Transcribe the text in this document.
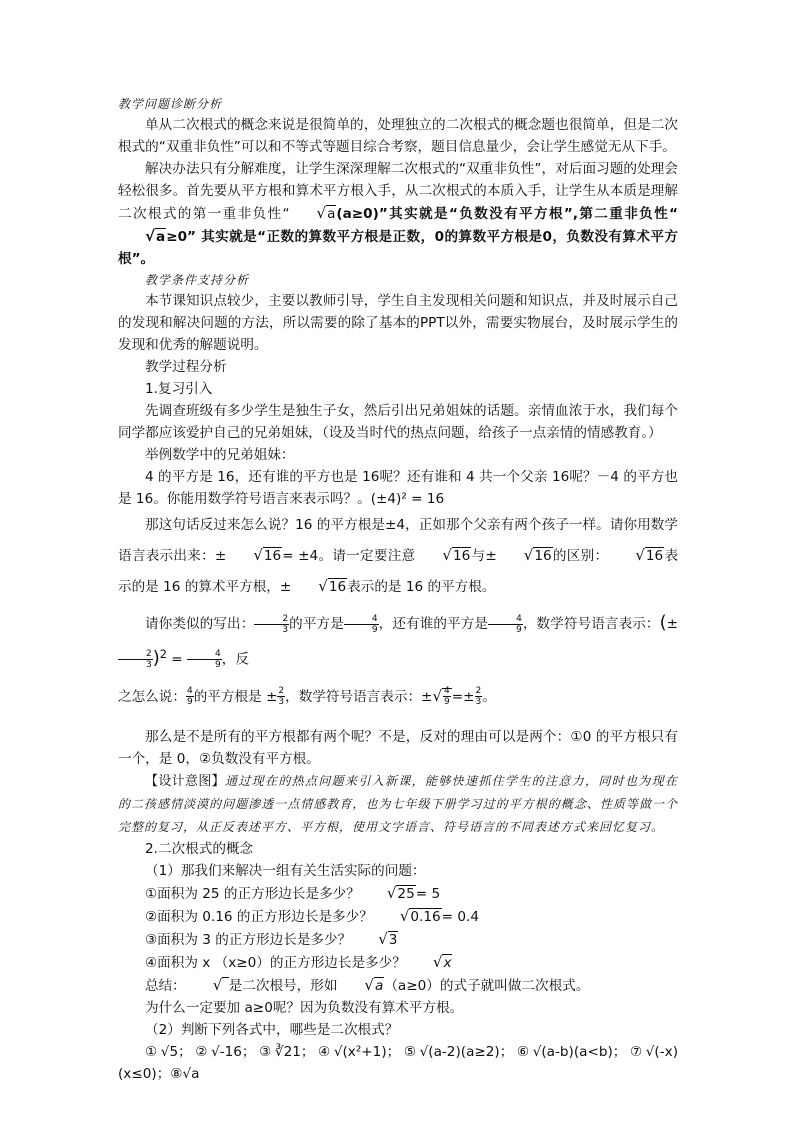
教学问题诊断分析

单从二次根式的概念来说是很简单的，处理独立的二次根式的概念题也很简单，但是二次根式的“双重非负性”可以和不等式等题目综合考察，题目信息量少，会让学生感觉无从下手。

解决办法只有分解难度，让学生深深理解二次根式的“双重非负性”，对后面习题的处理会轻松很多。首先要从平方根和算术平方根入手，从二次根式的本质入手，让学生从本质是理解二次根式的第一重非负性“ √a(a≥0)”其实就是“负数没有平方根”,第二重非负性“√a≥0” 其实就是“正数的算数平方根是正数，0的算数平方根是0，负数没有算术平方根”。

教学条件支持分析

本节课知识点较少，主要以教师引导，学生自主发现相关问题和知识点，并及时展示自己的发现和解决问题的方法，所以需要的除了基本的PPT以外，需要实物展台，及时展示学生的发现和优秀的解题说明。

教学过程分析

1.复习引入

先调查班级有多少学生是独生子女，然后引出兄弟姐妹的话题。亲情血浓于水，我们每个同学都应该爱护自己的兄弟姐妹，（设及当时代的热点问题，给孩子一点亲情的情感教育。）

举例数学中的兄弟姐妹：

4 的平方是 16，还有谁的平方也是 16呢？还有谁和 4 共一个父亲 16呢？－4 的平方也是 16。你能用数学符号语言来表示吗？。(±4)² = 16

那这句话反过来怎么说？16 的平方根是±4，正如那个父亲有两个孩子一样。请你用数学语言表示出来：± √16= ±4。请一定要注意 √16与± √16的区别： √16表示的是 16 的算术平方根，± √16表示的是 16 的平方根。

请你类似的写出： $\frac{2}{3}$ 的平方是 $\frac{4}{9}$ ，还有谁的平方是 $\frac{4}{9}$ ，数学符号语言表示：(±
$\frac{2}{3} )^2 = \frac{4}{9}$ ，反

之怎么说： $\frac{4}{9}$ 的平方根是 ± $\frac{2}{3}$ ，数学符号语言表示：±√ $\frac{4}{9} =\pm \frac{2}{3}$ 。

那么是不是所有的平方根都有两个呢？不是，反对的理由可以是两个：①0 的平方根只有一个，是 0，②负数没有平方根。

【设计意图】通过现在的热点问题来引入新课，能够快速抓住学生的注意力，同时也为现在的二孩感情淡漠的问题渗透一点情感教育，也为七年级下册学习过的平方根的概念、性质等做一个完整的复习，从正反表述平方、平方根，使用文字语言、符号语言的不同表述方式来回忆复习。

2.二次根式的概念

（1）那我们来解决一组有关生活实际的问题：

①面积为 25 的正方形边长是多少？ √25= 5

②面积为 0.16 的正方形边长是多少？ √0.16= 0.4

③面积为 3 的正方形边长是多少？ √3

④面积为 x （x≥0）的正方形边长是多少？ √x

总结： √ 是二次根号，形如 √a（a≥0）的式子就叫做二次根式。

为什么一定要加 a≥0呢？因为负数没有算术平方根。

（2）判断下列各式中，哪些是二次根式？

①√5；②√-16；③∛21；④√(x²+1)；⑤√(a-2)(a≥2)；⑥√(a-b)(a<b)；⑦√(-x)(x≤0)；⑧√a
